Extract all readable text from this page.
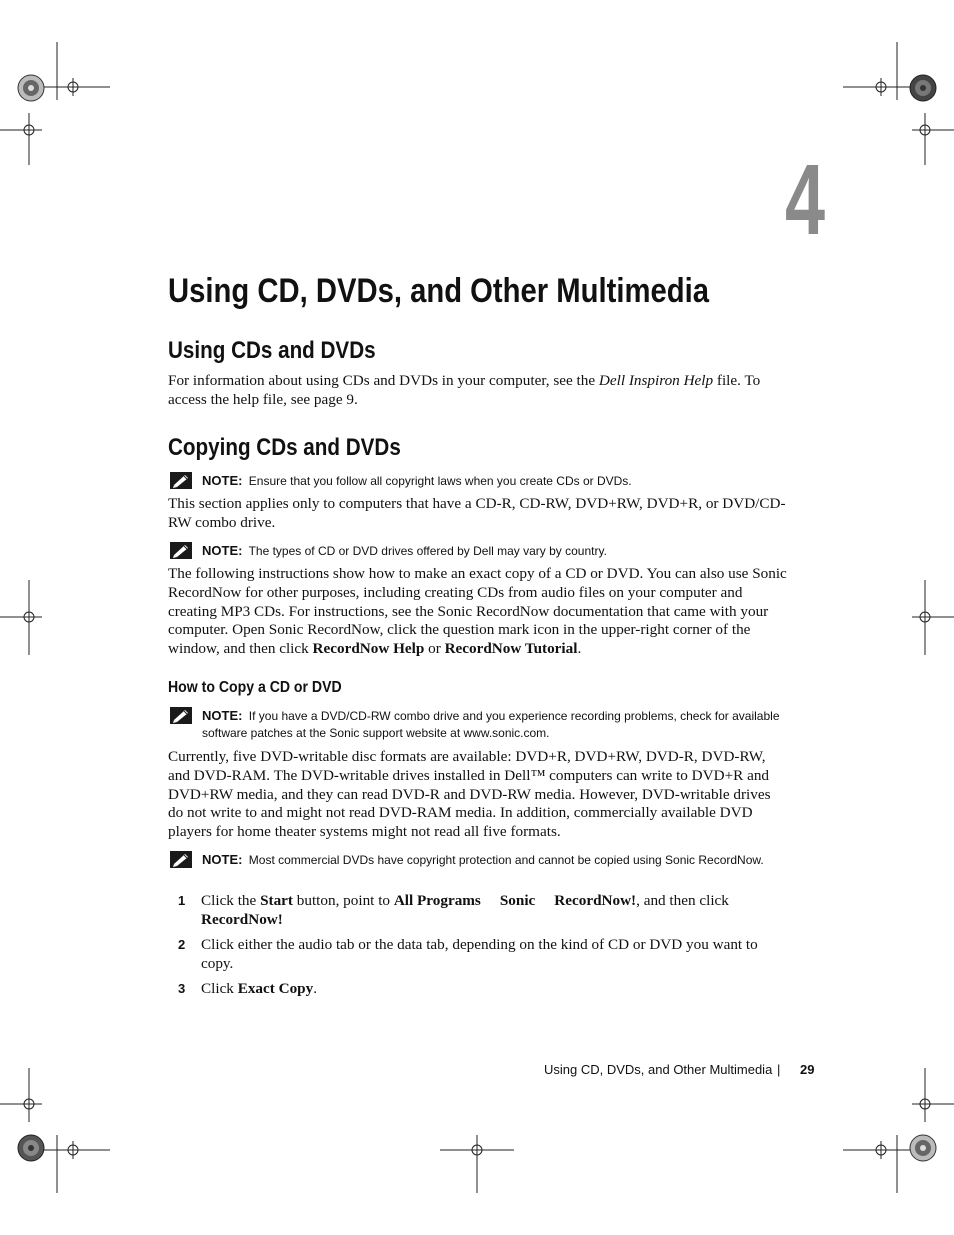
4
Using CD, DVDs, and Other Multimedia
Using CDs and DVDs
For information about using CDs and DVDs in your computer, see the Dell Inspiron Help file. To access the help file, see page 9.
Copying CDs and DVDs
NOTE: Ensure that you follow all copyright laws when you create CDs or DVDs.
This section applies only to computers that have a CD-R, CD-RW, DVD+RW, DVD+R, or DVD/CD-RW combo drive.
NOTE: The types of CD or DVD drives offered by Dell may vary by country.
The following instructions show how to make an exact copy of a CD or DVD. You can also use Sonic RecordNow for other purposes, including creating CDs from audio files on your computer and creating MP3 CDs. For instructions, see the Sonic RecordNow documentation that came with your computer. Open Sonic RecordNow, click the question mark icon in the upper-right corner of the window, and then click RecordNow Help or RecordNow Tutorial.
How to Copy a CD or DVD
NOTE: If you have a DVD/CD-RW combo drive and you experience recording problems, check for available software patches at the Sonic support website at www.sonic.com.
Currently, five DVD-writable disc formats are available: DVD+R, DVD+RW, DVD-R, DVD-RW, and DVD-RAM. The DVD-writable drives installed in Dell™ computers can write to DVD+R and DVD+RW media, and they can read DVD-R and DVD-RW media. However, DVD-writable drives do not write to and might not read DVD-RAM media. In addition, commercially available DVD players for home theater systems might not read all five formats.
NOTE: Most commercial DVDs have copyright protection and cannot be copied using Sonic RecordNow.
1 Click the Start button, point to All Programs Sonic RecordNow!, and then click RecordNow!
2 Click either the audio tab or the data tab, depending on the kind of CD or DVD you want to copy.
3 Click Exact Copy.
Using CD, DVDs, and Other Multimedia | 29
